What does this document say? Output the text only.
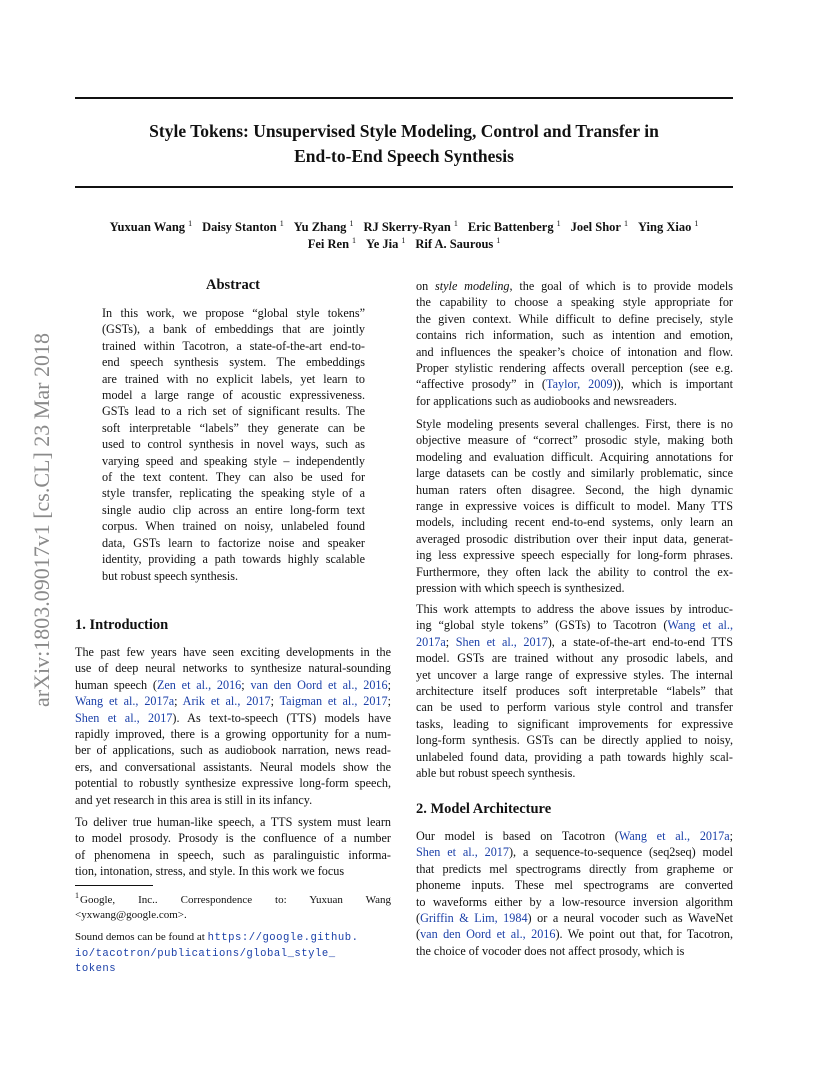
Style Tokens: Unsupervised Style Modeling, Control and Transfer in
End-to-End Speech Synthesis
Yuxuan Wang $^1$ Daisy Stanton $^1$ Yu Zhang $^1$ RJ Skerry-Ryan $^1$ Eric Battenberg $^1$ Joel Shor $^1$ Ying Xiao $^1$
Fei Ren $^1$ Ye Jia $^1$ Rif A. Saurous $^1$
arXiv:1803.09017v1 [cs.CL] 23 Mar 2018
Abstract
In this work, we propose “global style tokens”
(GSTs), a bank of embeddings that are jointly
trained within Tacotron, a state-of-the-art end-to-
end speech synthesis system. The embeddings
are trained with no explicit labels, yet learn to
model a large range of acoustic expressiveness.
GSTs lead to a rich set of significant results. The
soft interpretable “labels” they generate can be
used to control synthesis in novel ways, such as
varying speed and speaking style – independently
of the text content. They can also be used for
style transfer, replicating the speaking style of a
single audio clip across an entire long-form text
corpus. When trained on noisy, unlabeled found
data, GSTs learn to factorize noise and speaker
identity, providing a path towards highly scalable
but robust speech synthesis.
1. Introduction
The past few years have seen exciting developments in the
use of deep neural networks to synthesize natural-sounding
human speech (Zen et al., 2016; van den Oord et al., 2016;
Wang et al., 2017a; Arik et al., 2017; Taigman et al., 2017;
Shen et al., 2017). As text-to-speech (TTS) models have
rapidly improved, there is a growing opportunity for a num-
ber of applications, such as audiobook narration, news read-
ers, and conversational assistants. Neural models show the
potential to robustly synthesize expressive long-form speech,
and yet research in this area is still in its infancy.
To deliver true human-like speech, a TTS system must learn
to model prosody. Prosody is the confluence of a number
of phenomena in speech, such as paralinguistic informa-
tion, intonation, stress, and style. In this work we focus
$^1$Google, Inc.. Correspondence to: Yuxuan Wang
<yxwang@google.com>.
Sound demos can be found at https://google.github.
io/tacotron/publications/global_style_
tokens
on style modeling, the goal of which is to provide models
the capability to choose a speaking style appropriate for
the given context. While difficult to define precisely, style
contains rich information, such as intention and emotion,
and influences the speaker’s choice of intonation and flow.
Proper stylistic rendering affects overall perception (see e.g.
“affective prosody” in (Taylor, 2009)), which is important
for applications such as audiobooks and newsreaders.
Style modeling presents several challenges. First, there is no
objective measure of “correct” prosodic style, making both
modeling and evaluation difficult. Acquiring annotations for
large datasets can be costly and similarly problematic, since
human raters often disagree. Second, the high dynamic
range in expressive voices is difficult to model. Many TTS
models, including recent end-to-end systems, only learn an
averaged prosodic distribution over their input data, generat-
ing less expressive speech especially for long-form phrases.
Furthermore, they often lack the ability to control the ex-
pression with which speech is synthesized.
This work attempts to address the above issues by introduc-
ing “global style tokens” (GSTs) to Tacotron (Wang et al.,
2017a; Shen et al., 2017), a state-of-the-art end-to-end TTS
model. GSTs are trained without any prosodic labels, and
yet uncover a large range of expressive styles. The internal
architecture itself produces soft interpretable “labels” that
can be used to perform various style control and transfer
tasks, leading to significant improvements for expressive
long-form synthesis. GSTs can be directly applied to noisy,
unlabeled found data, providing a path towards highly scal-
able but robust speech synthesis.
2. Model Architecture
Our model is based on Tacotron (Wang et al., 2017a;
Shen et al., 2017), a sequence-to-sequence (seq2seq) model
that predicts mel spectrograms directly from grapheme or
phoneme inputs. These mel spectrograms are converted
to waveforms either by a low-resource inversion algorithm
(Griffin & Lim, 1984) or a neural vocoder such as WaveNet
(van den Oord et al., 2016). We point out that, for Tacotron,
the choice of vocoder does not affect prosody, which is
